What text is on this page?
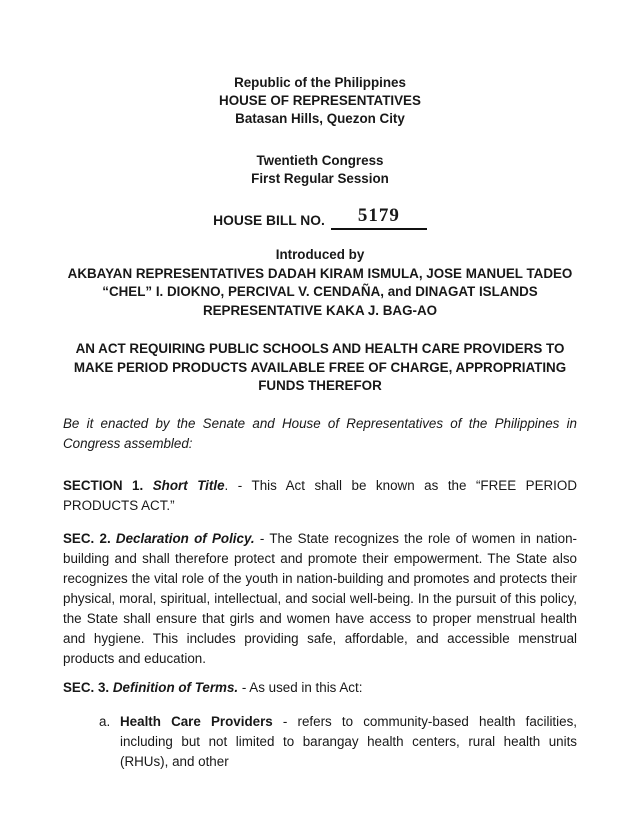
Republic of the Philippines
HOUSE OF REPRESENTATIVES
Batasan Hills, Quezon City
Twentieth Congress
First Regular Session
HOUSE BILL NO.	5179
Introduced by
AKBAYAN REPRESENTATIVES DADAH KIRAM ISMULA, JOSE MANUEL TADEO
“CHEL” I. DIOKNO, PERCIVAL V. CENDAÑA, and DINAGAT ISLANDS
REPRESENTATIVE KAKA J. BAG-AO
AN ACT REQUIRING PUBLIC SCHOOLS AND HEALTH CARE PROVIDERS TO
MAKE PERIOD PRODUCTS AVAILABLE FREE OF CHARGE, APPROPRIATING
FUNDS THEREFOR

Be it enacted by the Senate and House of Representatives of the Philippines in Congress assembled:

SECTION 1. Short Title. - This Act shall be known as the “FREE PERIOD PRODUCTS ACT.”

SEC. 2. Declaration of Policy. - The State recognizes the role of women in nation-building and shall therefore protect and promote their empowerment. The State also recognizes the vital role of the youth in nation-building and promotes and protects their physical, moral, spiritual, intellectual, and social well-being. In the pursuit of this policy, the State shall ensure that girls and women have access to proper menstrual health and hygiene. This includes providing safe, affordable, and accessible menstrual products and education.

SEC. 3. Definition of Terms. - As used in this Act:

a. Health Care Providers - refers to community-based health facilities, including but not limited to barangay health centers, rural health units (RHUs), and other
